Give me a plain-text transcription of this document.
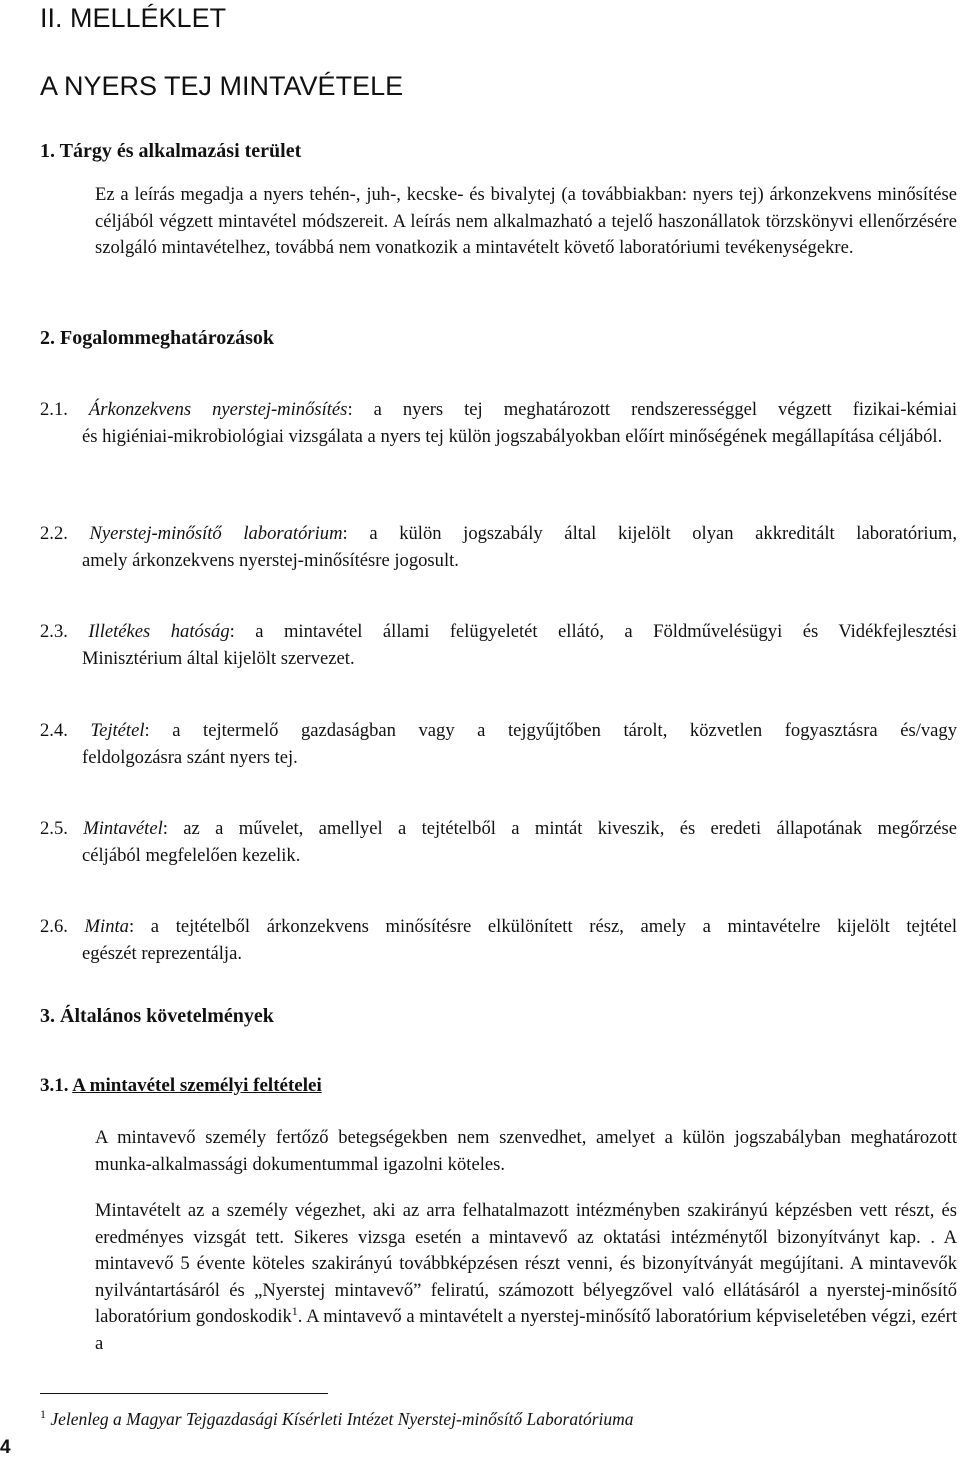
II. MELLÉKLET
A NYERS TEJ MINTAVÉTELE
1. Tárgy és alkalmazási terület

Ez a leírás megadja a nyers tehén-, juh-, kecske- és bivalytej (a továbbiakban: nyers tej) árkonzekvens minősítése céljából végzett mintavétel módszereit. A leírás nem alkalmazható a tejelő haszonállatok törzskönyvi ellenőrzésére szolgáló mintavételhez, továbbá nem vonatkozik a mintavételt követő laboratóriumi tevékenységekre.

2. Fogalommeghatározások
2.1. Árkonzekvens nyerstej-minősítés: a nyers tej meghatározott rendszerességgel végzett fizikai-kémiai
és higiéniai-mikrobiológiai vizsgálata a nyers tej külön jogszabályokban előírt minőségének megállapítása céljából.
2.2. Nyerstej-minősítő laboratórium: a külön jogszabály által kijelölt olyan akkreditált laboratórium,
amely árkonzekvens nyerstej-minősítésre jogosult.
2.3. Illetékes hatóság: a mintavétel állami felügyeletét ellátó, a Földművelésügyi és Vidékfejlesztési
Minisztérium által kijelölt szervezet.
2.4. Tejtétel: a tejtermelő gazdaságban vagy a tejgyűjtőben tárolt, közvetlen fogyasztásra és/vagy
feldolgozásra szánt nyers tej.
2.5. Mintavétel: az a művelet, amellyel a tejtételből a mintát kiveszik, és eredeti állapotának megőrzése
céljából megfelelően kezelik.
2.6. Minta: a tejtételből árkonzekvens minősítésre elkülönített rész, amely a mintavételre kijelölt tejtétel
egészét reprezentálja.
3. Általános követelmények
3.1. A mintavétel személyi feltételei

A mintavevő személy fertőző betegségekben nem szenvedhet, amelyet a külön jogszabályban meghatározott munka-alkalmassági dokumentummal igazolni köteles.

Mintavételt az a személy végezhet, aki az arra felhatalmazott intézményben szakirányú képzésben vett részt, és eredményes vizsgát tett. Sikeres vizsga esetén a mintavevő az oktatási intézménytől bizonyítványt kap. . A mintavevő 5 évente köteles szakirányú továbbképzésen részt venni, és bizonyítványát megújítani. A mintavevők nyilvántartásáról és „Nyerstej mintavevő” feliratú, számozott bélyegzővel való ellátásáról a nyerstej-minősítő laboratórium gondoskodik$^1$. A mintavevő a mintavételt a nyerstej-minősítő laboratórium képviseletében végzi, ezért a

$^1$ Jelenleg a Magyar Tejgazdasági Kísérleti Intézet Nyerstej-minősítő Laboratóriuma

4
